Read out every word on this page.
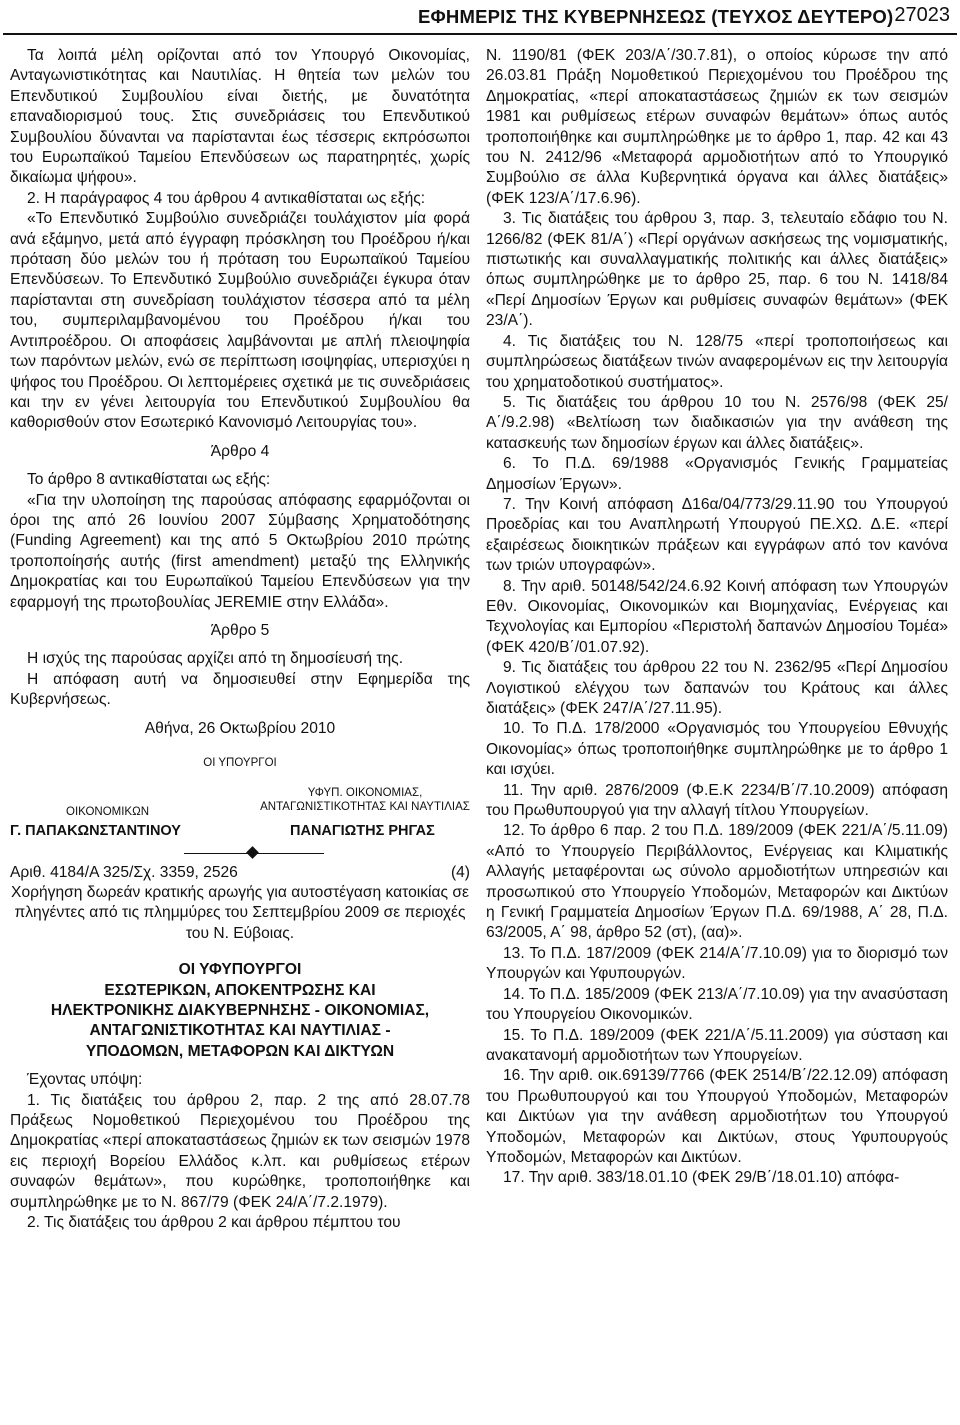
ΕΦΗΜΕΡΙΣ ΤΗΣ ΚΥΒΕΡΝΗΣΕΩΣ (ΤΕΥΧΟΣ ΔΕΥΤΕΡΟ) 27023

Τα λοιπά μέλη ορίζονται από τον Υπουργό Οικονομίας, Ανταγωνιστικότητας και Ναυτιλίας. Η θητεία των μελών του Επενδυτικού Συμβουλίου είναι διετής, με δυνατότητα επαναδιορισμού τους. Στις συνεδριάσεις του Επενδυτικού Συμβουλίου δύνανται να παρίστανται έως τέσσερις εκπρόσωποι του Ευρωπαϊκού Ταμείου Επενδύσεων ως παρατηρητές, χωρίς δικαίωμα ψήφου».

2. Η παράγραφος 4 του άρθρου 4 αντικαθίσταται ως εξής:

«Το Επενδυτικό Συμβούλιο συνεδριάζει τουλάχιστον μία φορά ανά εξάμηνο, μετά από έγγραφη πρόσκληση του Προέδρου ή/και πρόταση δύο μελών του ή πρόταση του Ευρωπαϊκού Ταμείου Επενδύσεων. Το Επενδυτικό Συμβούλιο συνεδριάζει έγκυρα όταν παρίστανται στη συνεδρίαση τουλάχιστον τέσσερα από τα μέλη του, συμπεριλαμβανομένου του Προέδρου ή/και του Αντιπροέδρου. Οι αποφάσεις λαμβάνονται με απλή πλειοψηφία των παρόντων μελών, ενώ σε περίπτωση ισοψηφίας, υπερισχύει η ψήφος του Προέδρου. Οι λεπτομέρειες σχετικά με τις συνεδριάσεις και την εν γένει λειτουργία του Επενδυτικού Συμβουλίου θα καθορισθούν στον Εσωτερικό Κανονισμό Λειτουργίας του».

Άρθρο 4

Το άρθρο 8 αντικαθίσταται ως εξής:

«Για την υλοποίηση της παρούσας απόφασης εφαρμόζονται οι όροι της από 26 Ιουνίου 2007 Σύμβασης Χρηματοδότησης (Funding Agreement) και της από 5 Οκτωβρίου 2010 πρώτης τροποποίησής αυτής (first amendment) μεταξύ της Ελληνικής Δημοκρατίας και του Ευρωπαϊκού Ταμείου Επενδύσεων για την εφαρμογή της πρωτοβουλίας JEREMIE στην Ελλάδα».

Άρθρο 5

Η ισχύς της παρούσας αρχίζει από τη δημοσίευσή της.

Η απόφαση αυτή να δημοσιευθεί στην Εφημερίδα της Κυβερνήσεως.

Αθήνα, 26 Οκτωβρίου 2010
ΟΙ ΥΠΟΥΡΓΟΙ
ΥΦΥΠ. ΟΙΚΟΝΟΜΙΑΣ,
ΟΙΚΟΝΟΜΙΚΩΝ	ΑΝΤΑΓΩΝΙΣΤΙΚΟΤΗΤΑΣ ΚΑΙ ΝΑΥΤΙΛΙΑΣ
Γ. ΠΑΠΑΚΩΝΣΤΑΝΤΙΝΟΥ	ΠΑΝΑΓΙΩΤΗΣ ΡΗΓΑΣ
Αριθ. 4184/Α 325/Σχ. 3359, 2526	(4)

Χορήγηση δωρεάν κρατικής αρωγής για αυτοστέγαση κατοικίας σε πληγέντες από τις πλημμύρες του Σεπτεμβρίου 2009 σε περιοχές του Ν. Εύβοιας.

ΟΙ ΥΦΥΠΟΥΡΓΟΙ

ΕΣΩΤΕΡΙΚΩΝ, ΑΠΟΚΕΝΤΡΩΣΗΣ ΚΑΙ

ΗΛΕΚΤΡΟΝΙΚΗΣ ΔΙΑΚΥΒΕΡΝΗΣΗΣ - ΟΙΚΟΝΟΜΙΑΣ,

ΑΝΤΑΓΩΝΙΣΤΙΚΟΤΗΤΑΣ ΚΑΙ ΝΑΥΤΙΛΙΑΣ -

ΥΠΟΔΟΜΩΝ, ΜΕΤΑΦΟΡΩΝ ΚΑΙ ΔΙΚΤΥΩΝ

Έχοντας υπόψη:

1. Τις διατάξεις του άρθρου 2, παρ. 2 της από 28.07.78 Πράξεως Νομοθετικού Περιεχομένου του Προέδρου της Δημοκρατίας «περί αποκαταστάσεως ζημιών εκ των σεισμών 1978 εις περιοχή Βορείου Ελλάδος κ.λπ. και ρυθμίσεως ετέρων συναφών θεμάτων», που κυρώθηκε, τροποποιήθηκε και συμπληρώθηκε με το Ν. 867/79 (ΦΕΚ 24/Α΄/7.2.1979).

2. Τις διατάξεις του άρθρου 2 και άρθρου πέμπτου του

Ν. 1190/81 (ΦΕΚ 203/Α΄/30.7.81), ο οποίος κύρωσε την από 26.03.81 Πράξη Νομοθετικού Περιεχομένου του Προέδρου της Δημοκρατίας, «περί αποκαταστάσεως ζημιών εκ των σεισμών 1981 και ρυθμίσεως ετέρων συναφών θεμάτων» όπως αυτός τροποποιήθηκε και συμπληρώθηκε με το άρθρο 1, παρ. 42 και 43 του Ν. 2412/96 «Μεταφορά αρμοδιοτήτων από το Υπουργικό Συμβούλιο σε άλλα Κυβερνητικά όργανα και άλλες διατάξεις» (ΦΕΚ 123/Α΄/17.6.96).

3. Τις διατάξεις του άρθρου 3, παρ. 3, τελευταίο εδάφιο του Ν. 1266/82 (ΦΕΚ 81/Α΄) «Περί οργάνων ασκήσεως της νομισματικής, πιστωτικής και συναλλαγματικής πολιτικής και άλλες διατάξεις» όπως συμπληρώθηκε με το άρθρο 25, παρ. 6 του Ν. 1418/84 «Περί Δημοσίων Έργων και ρυθμίσεις συναφών θεμάτων» (ΦΕΚ 23/Α΄).

4. Τις διατάξεις του Ν. 128/75 «περί τροποποιήσεως και συμπληρώσεως διατάξεων τινών αναφερομένων εις την λειτουργία του χρηματοδοτικού συστήματος».

5. Τις διατάξεις του άρθρου 10 του Ν. 2576/98 (ΦΕΚ 25/Α΄/9.2.98) «Βελτίωση των διαδικασιών για την ανάθεση της κατασκευής των δημοσίων έργων και άλλες διατάξεις».

6. Το Π.Δ. 69/1988 «Οργανισμός Γενικής Γραμματείας Δημοσίων Έργων».

7. Την Κοινή απόφαση Δ16α/04/773/29.11.90 του Υπουργού Προεδρίας και του Αναπληρωτή Υπουργού ΠΕ.ΧΩ. Δ.Ε. «περί εξαιρέσεως διοικητικών πράξεων και εγγράφων από τον κανόνα των τριών υπογραφών».

8. Την αριθ. 50148/542/24.6.92 Κοινή απόφαση των Υπουργών Εθν. Οικονομίας, Οικονομικών και Βιομηχανίας, Ενέργειας και Τεχνολογίας και Εμπορίου «Περιστολή δαπανών Δημοσίου Τομέα» (ΦΕΚ 420/Β΄/01.07.92).

9. Τις διατάξεις του άρθρου 22 του Ν. 2362/95 «Περί Δημοσίου Λογιστικού ελέγχου των δαπανών του Κράτους και άλλες διατάξεις» (ΦΕΚ 247/Α΄/27.11.95).

10. Το Π.Δ. 178/2000 «Οργανισμός του Υπουργείου Εθνυχής Οικονομίας» όπως τροποποιήθηκε συμπληρώθηκε με το άρθρο 1 και ισχύει.

11. Την αριθ. 2876/2009 (Φ.Ε.Κ 2234/Β΄/7.10.2009) απόφαση του Πρωθυπουργού για την αλλαγή τίτλου Υπουργείων.

12. Το άρθρο 6 παρ. 2 του Π.Δ. 189/2009 (ΦΕΚ 221/Α΄/5.11.09) «Από το Υπουργείο Περιβάλλοντος, Ενέργειας και Κλιματικής Αλλαγής μεταφέρονται ως σύνολο αρμοδιοτήτων υπηρεσιών και προσωπικού στο Υπουργείο Υποδομών, Μεταφορών και Δικτύων η Γενική Γραμματεία Δημοσίων Έργων Π.Δ. 69/1988, Α΄ 28, Π.Δ. 63/2005, Α΄ 98, άρθρο 52 (στ), (αα)».

13. Το Π.Δ. 187/2009 (ΦΕΚ 214/Α΄/7.10.09) για το διορισμό των Υπουργών και Υφυπουργών.

14. Το Π.Δ. 185/2009 (ΦΕΚ 213/Α΄/7.10.09) για την ανασύσταση του Υπουργείου Οικονομικών.

15. Το Π.Δ. 189/2009 (ΦΕΚ 221/Α΄/5.11.2009) για σύσταση και ανακατανομή αρμοδιοτήτων των Υπουργείων.

16. Την αριθ. οικ.69139/7766 (ΦΕΚ 2514/Β΄/22.12.09) απόφαση του Πρωθυπουργού και του Υπουργού Υποδομών, Μεταφορών και Δικτύων για την ανάθεση αρμοδιοτήτων του Υπουργού Υποδομών, Μεταφορών και Δικτύων, στους Υφυπουργούς Υποδομών, Μεταφορών και Δικτύων.

17. Την αριθ. 383/18.01.10 (ΦΕΚ 29/Β΄/18.01.10) απόφα-
